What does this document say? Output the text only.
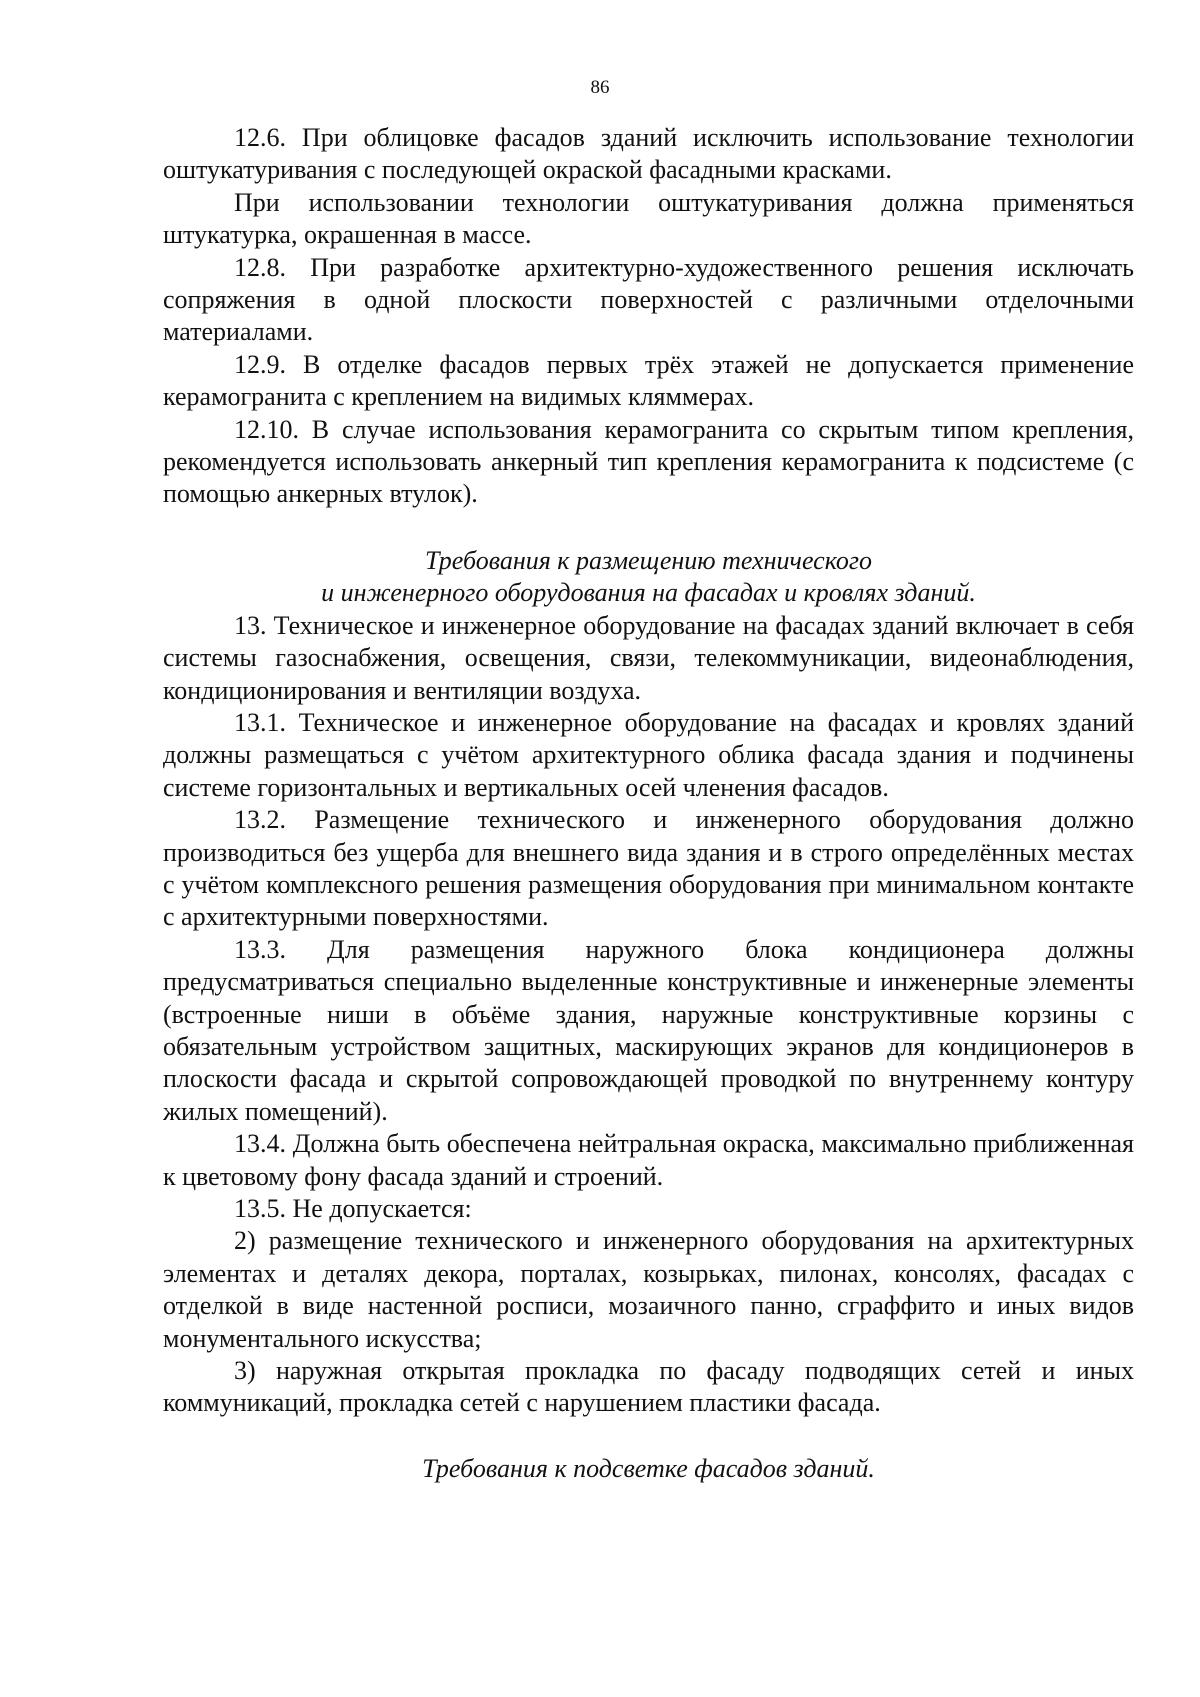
86

12.6. При облицовке фасадов зданий исключить использование технологии оштукатуривания с последующей окраской фасадными красками.

При использовании технологии оштукатуривания должна применяться штукатурка, окрашенная в массе.

12.8. При разработке архитектурно-художественного решения исключать сопряжения в одной плоскости поверхностей с различными отделочными материалами.

12.9. В отделке фасадов первых трёх этажей не допускается применение керамогранита с креплением на видимых кляммерах.

12.10. В случае использования керамогранита со скрытым типом крепления, рекомендуется использовать анкерный тип крепления керамогранита к подсистеме (с помощью анкерных втулок).

Требования к размещению технического
и инженерного оборудования на фасадах и кровлях зданий.

13. Техническое и инженерное оборудование на фасадах зданий включает в себя системы газоснабжения, освещения, связи, телекоммуникации, видеонаблюдения, кондиционирования и вентиляции воздуха.

13.1. Техническое и инженерное оборудование на фасадах и кровлях зданий должны размещаться с учётом архитектурного облика фасада здания и подчинены системе горизонтальных и вертикальных осей членения фасадов.

13.2. Размещение технического и инженерного оборудования должно производиться без ущерба для внешнего вида здания и в строго определённых местах с учётом комплексного решения размещения оборудования при минимальном контакте с архитектурными поверхностями.

13.3. Для размещения наружного блока кондиционера должны предусматриваться специально выделенные конструктивные и инженерные элементы (встроенные ниши в объёме здания, наружные конструктивные корзины с обязательным устройством защитных, маскирующих экранов для кондиционеров в плоскости фасада и скрытой сопровождающей проводкой по внутреннему контуру жилых помещений).

13.4. Должна быть обеспечена нейтральная окраска, максимально приближенная к цветовому фону фасада зданий и строений.

13.5. Не допускается:

2) размещение технического и инженерного оборудования на архитектурных элементах и деталях декора, порталах, козырьках, пилонах, консолях, фасадах с отделкой в виде настенной росписи, мозаичного панно, сграффито и иных видов монументального искусства;

3) наружная открытая прокладка по фасаду подводящих сетей и иных коммуникаций, прокладка сетей с нарушением пластики фасада.

Требования к подсветке фасадов зданий.
